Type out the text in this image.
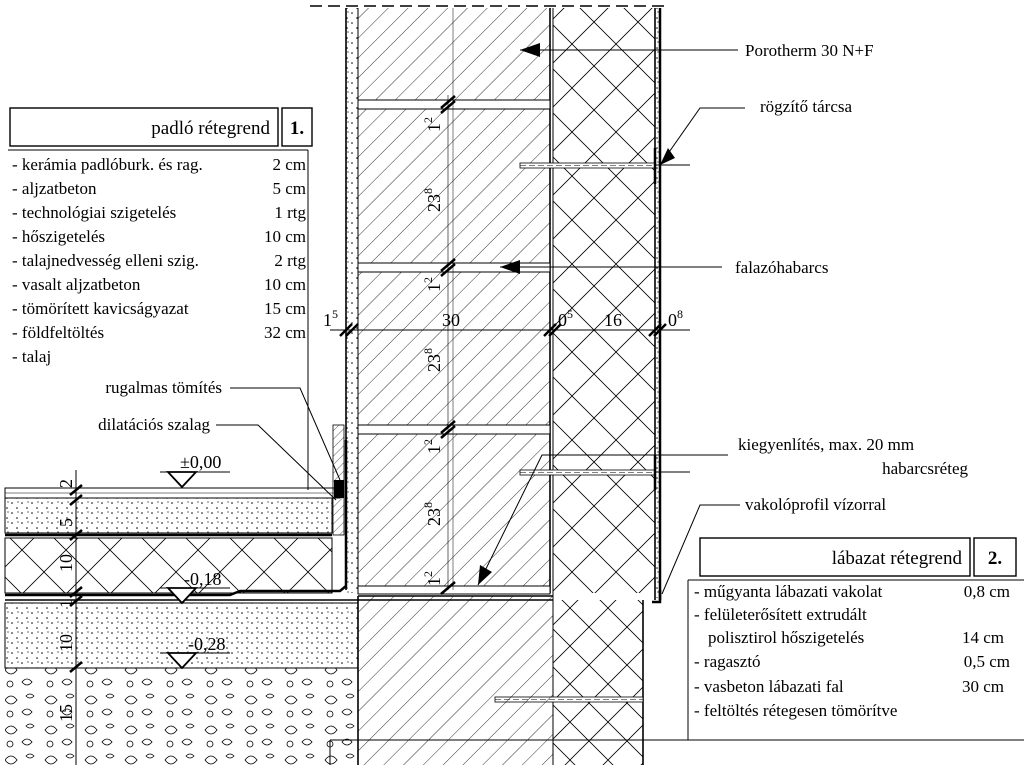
2
5
10
1
10
15
±0,00
-0,18
-0,28
$1^5$	30	$0^5$ 16	$0^8$
$1^2$
$23^8$
$1^2$
$23^8$
$1^2$
$23^8$
$1^2$
Porotherm 30 N+F
rögzítő tárcsa
falazóhabarcs
kiegyenlítés, max. 20 mm
habarcsréteg
vakolóprofil vízorral
rugalmas tömítés
dilatációs szalag
padló rétegrend 1.
- kerámia padlóburk. és rag.	2 cm
- aljzatbeton	5 cm
- technológiai szigetelés	1 rtg
- hőszigetelés	10 cm
- talajnedvesség elleni szig.	2 rtg
- vasalt aljzatbeton	10 cm
- tömörített kavicságyazat	15 cm
- földfeltöltés	32 cm
- talaj
lábazat rétegrend 2.
- műgyanta lábazati vakolat	0,8 cm
- felületerősített extrudált
polisztirol hőszigetelés	14 cm
- ragasztó	0,5 cm
- vasbeton lábazati fal	30 cm
- feltöltés rétegesen tömörítve
